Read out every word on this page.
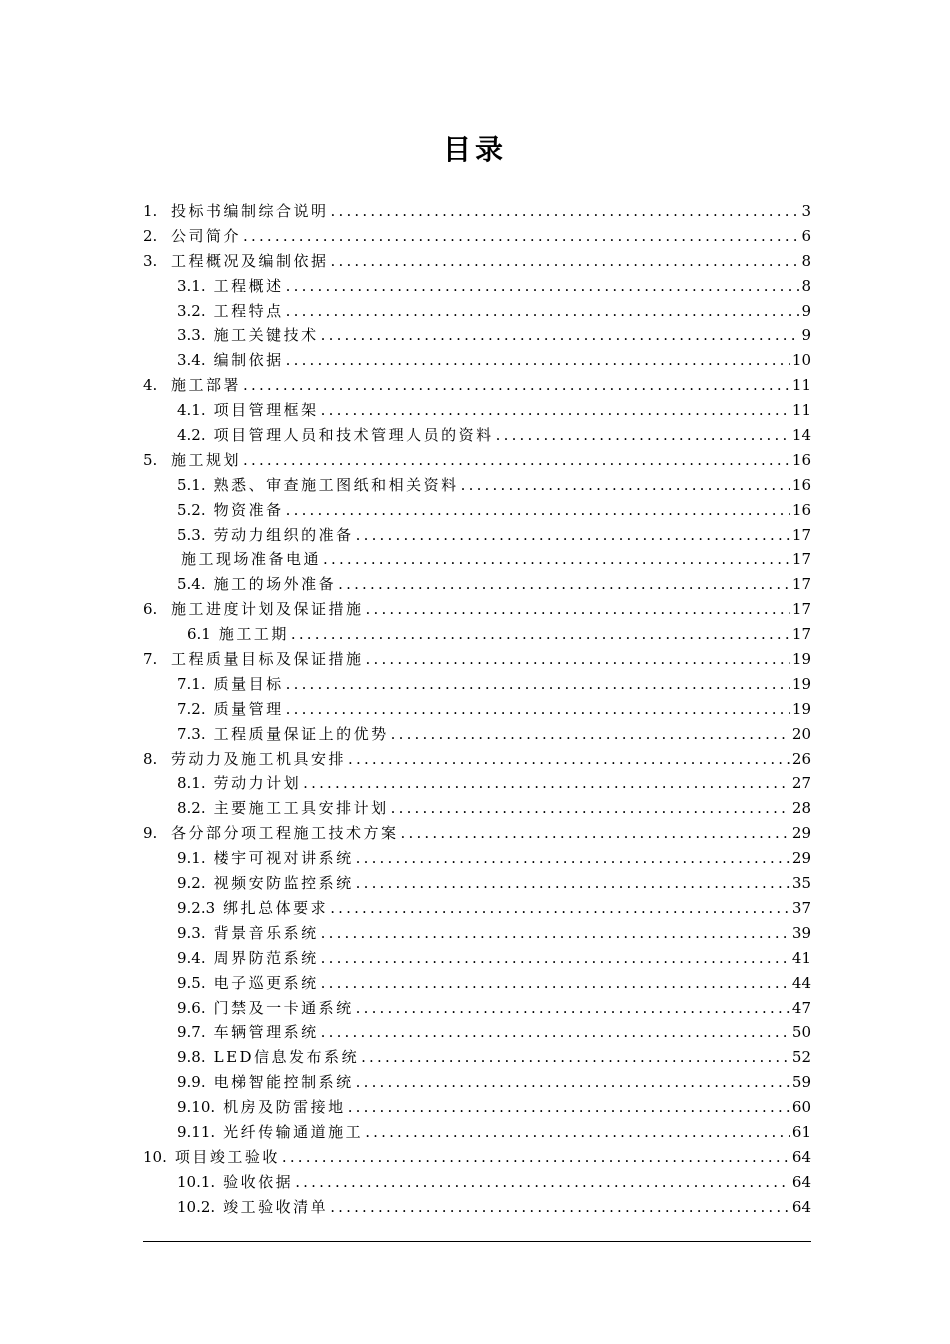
目录
1. 投标书编制综合说明 .....	3
2. 公司简介 .....	6
3. 工程概况及编制依据 .....	8
3.1. 工程概述 .....	8
3.2. 工程特点 .....	9
3.3. 施工关键技术 .....	9
3.4. 编制依据 .....	10
4. 施工部署 .....	11
4.1. 项目管理框架 .....	11
4.2. 项目管理人员和技术管理人员的资料 .....	14
5. 施工规划 .....	16
5.1. 熟悉、审查施工图纸和相关资料 .....	16
5.2. 物资准备 .....	16
5.3. 劳动力组织的准备 .....	17
施工现场准备电通 .....	17
5.4. 施工的场外准备 .....	17
6. 施工进度计划及保证措施 .....	17
6.1 施工工期 .....	17
7. 工程质量目标及保证措施 .....	19
7.1. 质量目标 .....	19
7.2. 质量管理 .....	19
7.3. 工程质量保证上的优势 .....	20
8. 劳动力及施工机具安排 .....	26
8.1. 劳动力计划 .....	27
8.2. 主要施工工具安排计划 .....	28
9. 各分部分项工程施工技术方案 .....	29
9.1. 楼宇可视对讲系统 .....	29
9.2. 视频安防监控系统 .....	35
9.2.3 绑扎总体要求 .....	37
9.3. 背景音乐系统 .....	39
9.4. 周界防范系统 .....	41
9.5. 电子巡更系统 .....	44
9.6. 门禁及一卡通系统 .....	47
9.7. 车辆管理系统 .....	50
9.8. LED信息发布系统 .....	52
9.9. 电梯智能控制系统 .....	59
9.10. 机房及防雷接地 .....	60
9.11. 光纤传输通道施工 .....	61
10. 项目竣工验收 .....	64
10.1. 验收依据 .....	64
10.2. 竣工验收清单 .....	64
